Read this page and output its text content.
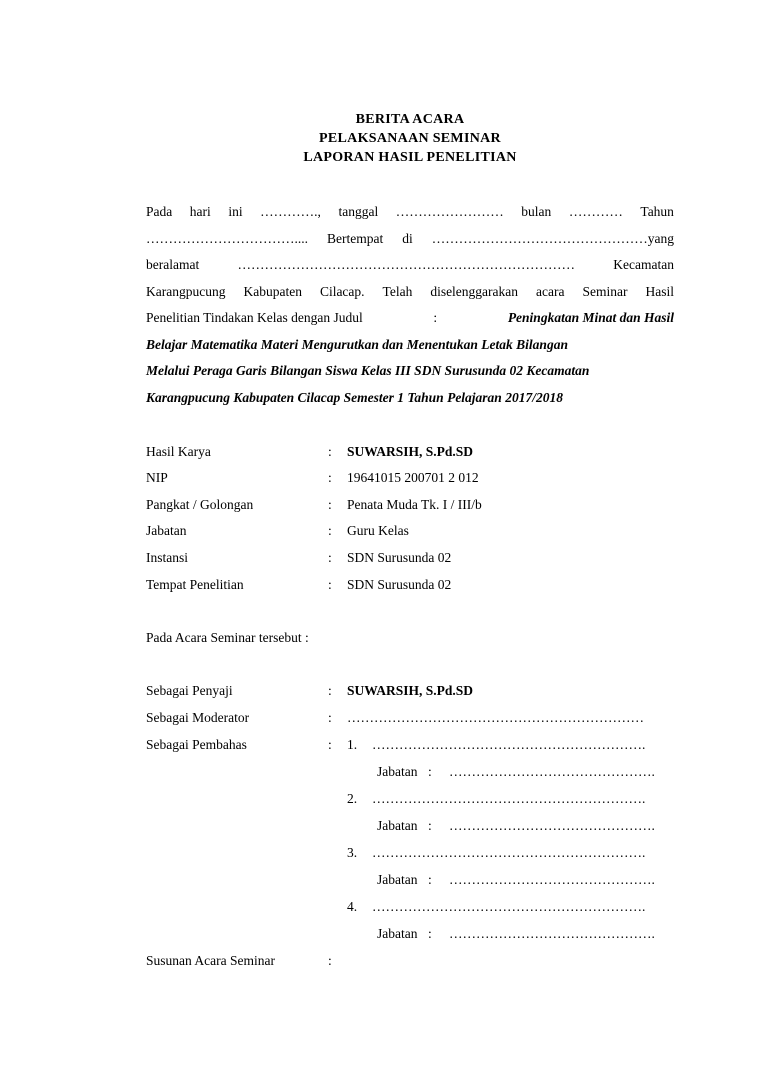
BERITA ACARA
PELAKSANAAN SEMINAR
LAPORAN HASIL PENELITIAN
Pada hari ini …………., tanggal …………………… bulan ………… Tahun
…………………………….... Bertempat di …………………………………………yang
beralamat	…………………………………………………………………	Kecamatan
Karangpucung Kabupaten Cilacap. Telah diselenggarakan acara Seminar Hasil
Penelitian Tindakan Kelas dengan Judul	:	Peningkatan Minat dan Hasil
Belajar Matematika Materi Mengurutkan dan Menentukan Letak Bilangan
Melalui Peraga Garis Bilangan Siswa Kelas III SDN Surusunda 02 Kecamatan
Karangpucung Kabupaten Cilacap Semester 1 Tahun Pelajaran 2017/2018
Hasil Karya	: SUWARSIH, S.Pd.SD
NIP	: 19641015 200701 2 012
Pangkat / Golongan	: Penata Muda Tk. I / III/b
Jabatan	: Guru Kelas
Instansi	: SDN Surusunda 02
Tempat Penelitian	: SDN Surusunda 02
Pada Acara Seminar tersebut :
Sebagai Penyaji	: SUWARSIH, S.Pd.SD
Sebagai Moderator	: …………………………………………………………
Sebagai Pembahas	: 1. …………………………………………………….
Jabatan : ……………………………………….
2. …………………………………………………….
Jabatan : ……………………………………….
3. …………………………………………………….
Jabatan : ……………………………………….
4. …………………………………………………….
Jabatan : ……………………………………….
Susunan Acara Seminar	:
